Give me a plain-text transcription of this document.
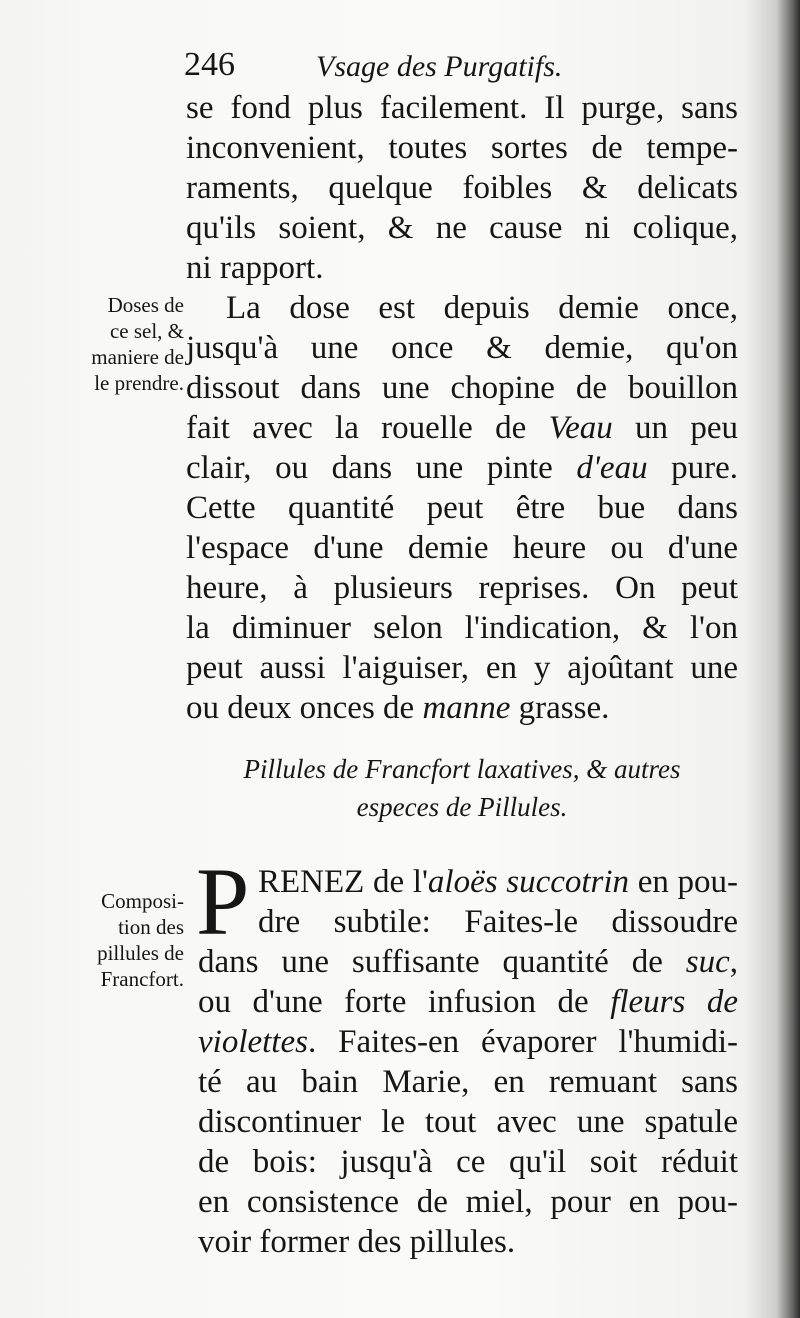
246	Vsage des Purgatifs.
se fond plus facilement. Il purge, sans
inconvenient, toutes sortes de tempe-
raments, quelque foibles & delicats
qu'ils soient, & ne cause ni colique,
ni rapport.
Doses de
ce sel, &
maniere de
le prendre.
La dose est depuis demie once,
jusqu'à une once & demie, qu'on
dissout dans une chopine de bouillon
fait avec la rouelle de Veau un peu
clair, ou dans une pinte d'eau pure.
Cette quantité peut être bue dans
l'espace d'une demie heure ou d'une
heure, à plusieurs reprises. On peut
la diminuer selon l'indication, & l'on
peut aussi l'aiguiser, en y ajoûtant une
ou deux onces de manne grasse.
Pillules de Francfort laxatives, & autres
especes de Pillules.
Composi-
tion des
pillules de
Francfort.
P RENEZ de l'aloës succotrin en pou-
dre subtile: Faites-le dissoudre
dans une suffisante quantité de suc,
ou d'une forte infusion de fleurs de
violettes. Faites-en évaporer l'humidi-
té au bain Marie, en remuant sans
discontinuer le tout avec une spatule
de bois: jusqu'à ce qu'il soit réduit
en consistence de miel, pour en pou-
voir former des pillules.
